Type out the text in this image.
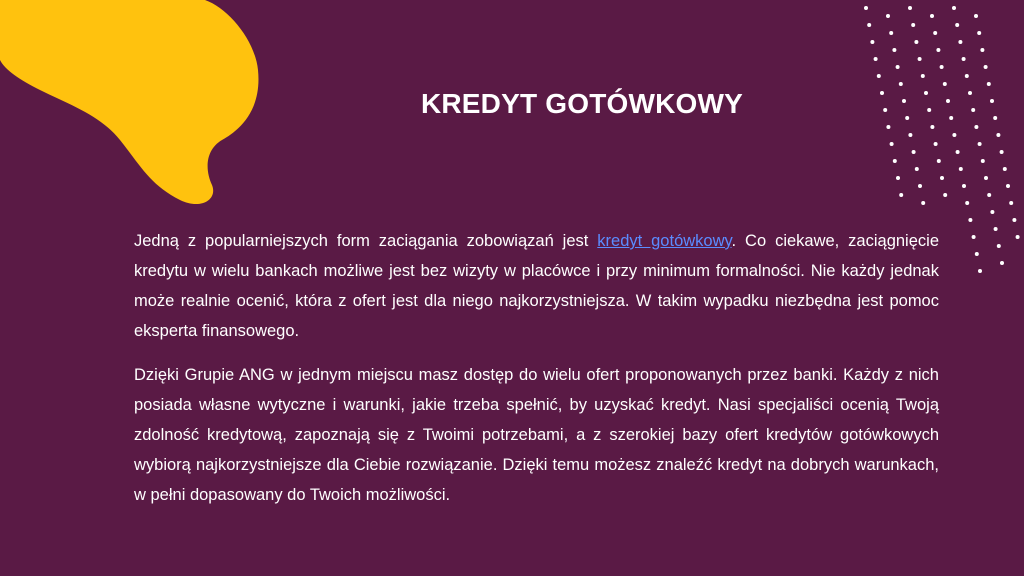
KREDYT GOTÓWKOWY

Jedną z popularniejszych form zaciągania zobowiązań jest kredyt gotówkowy. Co ciekawe, zaciągnięcie kredytu w wielu bankach możliwe jest bez wizyty w placówce i przy minimum formalności. Nie każdy jednak może realnie ocenić, która z ofert jest dla niego najkorzystniejsza. W takim wypadku niezbędna jest pomoc eksperta finansowego.

Dzięki Grupie ANG w jednym miejscu masz dostęp do wielu ofert proponowanych przez banki. Każdy z nich posiada własne wytyczne i warunki, jakie trzeba spełnić, by uzyskać kredyt. Nasi specjaliści ocenią Twoją zdolność kredytową, zapoznają się z Twoimi potrzebami, a z szerokiej bazy ofert kredytów gotówkowych wybiorą najkorzystniejsze dla Ciebie rozwiązanie. Dzięki temu możesz znaleźć kredyt na dobrych warunkach, w pełni dopasowany do Twoich możliwości.
